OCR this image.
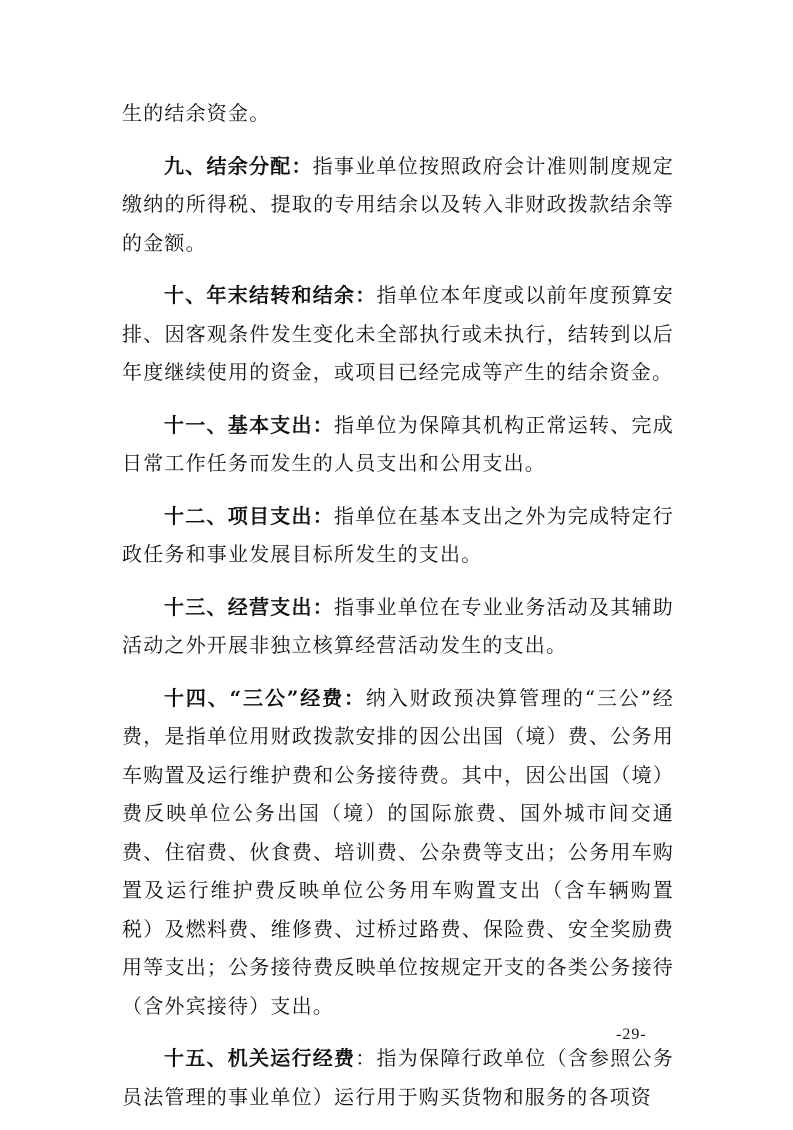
生的结余资金。

九、结余分配：指事业单位按照政府会计准则制度规定缴纳的所得税、提取的专用结余以及转入非财政拨款结余等的金额。

十、年末结转和结余：指单位本年度或以前年度预算安排、因客观条件发生变化未全部执行或未执行，结转到以后年度继续使用的资金，或项目已经完成等产生的结余资金。

十一、基本支出：指单位为保障其机构正常运转、完成日常工作任务而发生的人员支出和公用支出。

十二、项目支出：指单位在基本支出之外为完成特定行政任务和事业发展目标所发生的支出。

十三、经营支出：指事业单位在专业业务活动及其辅助活动之外开展非独立核算经营活动发生的支出。

十四、“三公”经费：纳入财政预决算管理的“三公”经费，是指单位用财政拨款安排的因公出国（境）费、公务用车购置及运行维护费和公务接待费。其中，因公出国（境）费反映单位公务出国（境）的国际旅费、国外城市间交通费、住宿费、伙食费、培训费、公杂费等支出；公务用车购置及运行维护费反映单位公务用车购置支出（含车辆购置税）及燃料费、维修费、过桥过路费、保险费、安全奖励费用等支出；公务接待费反映单位按规定开支的各类公务接待（含外宾接待）支出。

十五、机关运行经费：指为保障行政单位（含参照公务员法管理的事业单位）运行用于购买货物和服务的各项资

-29-
